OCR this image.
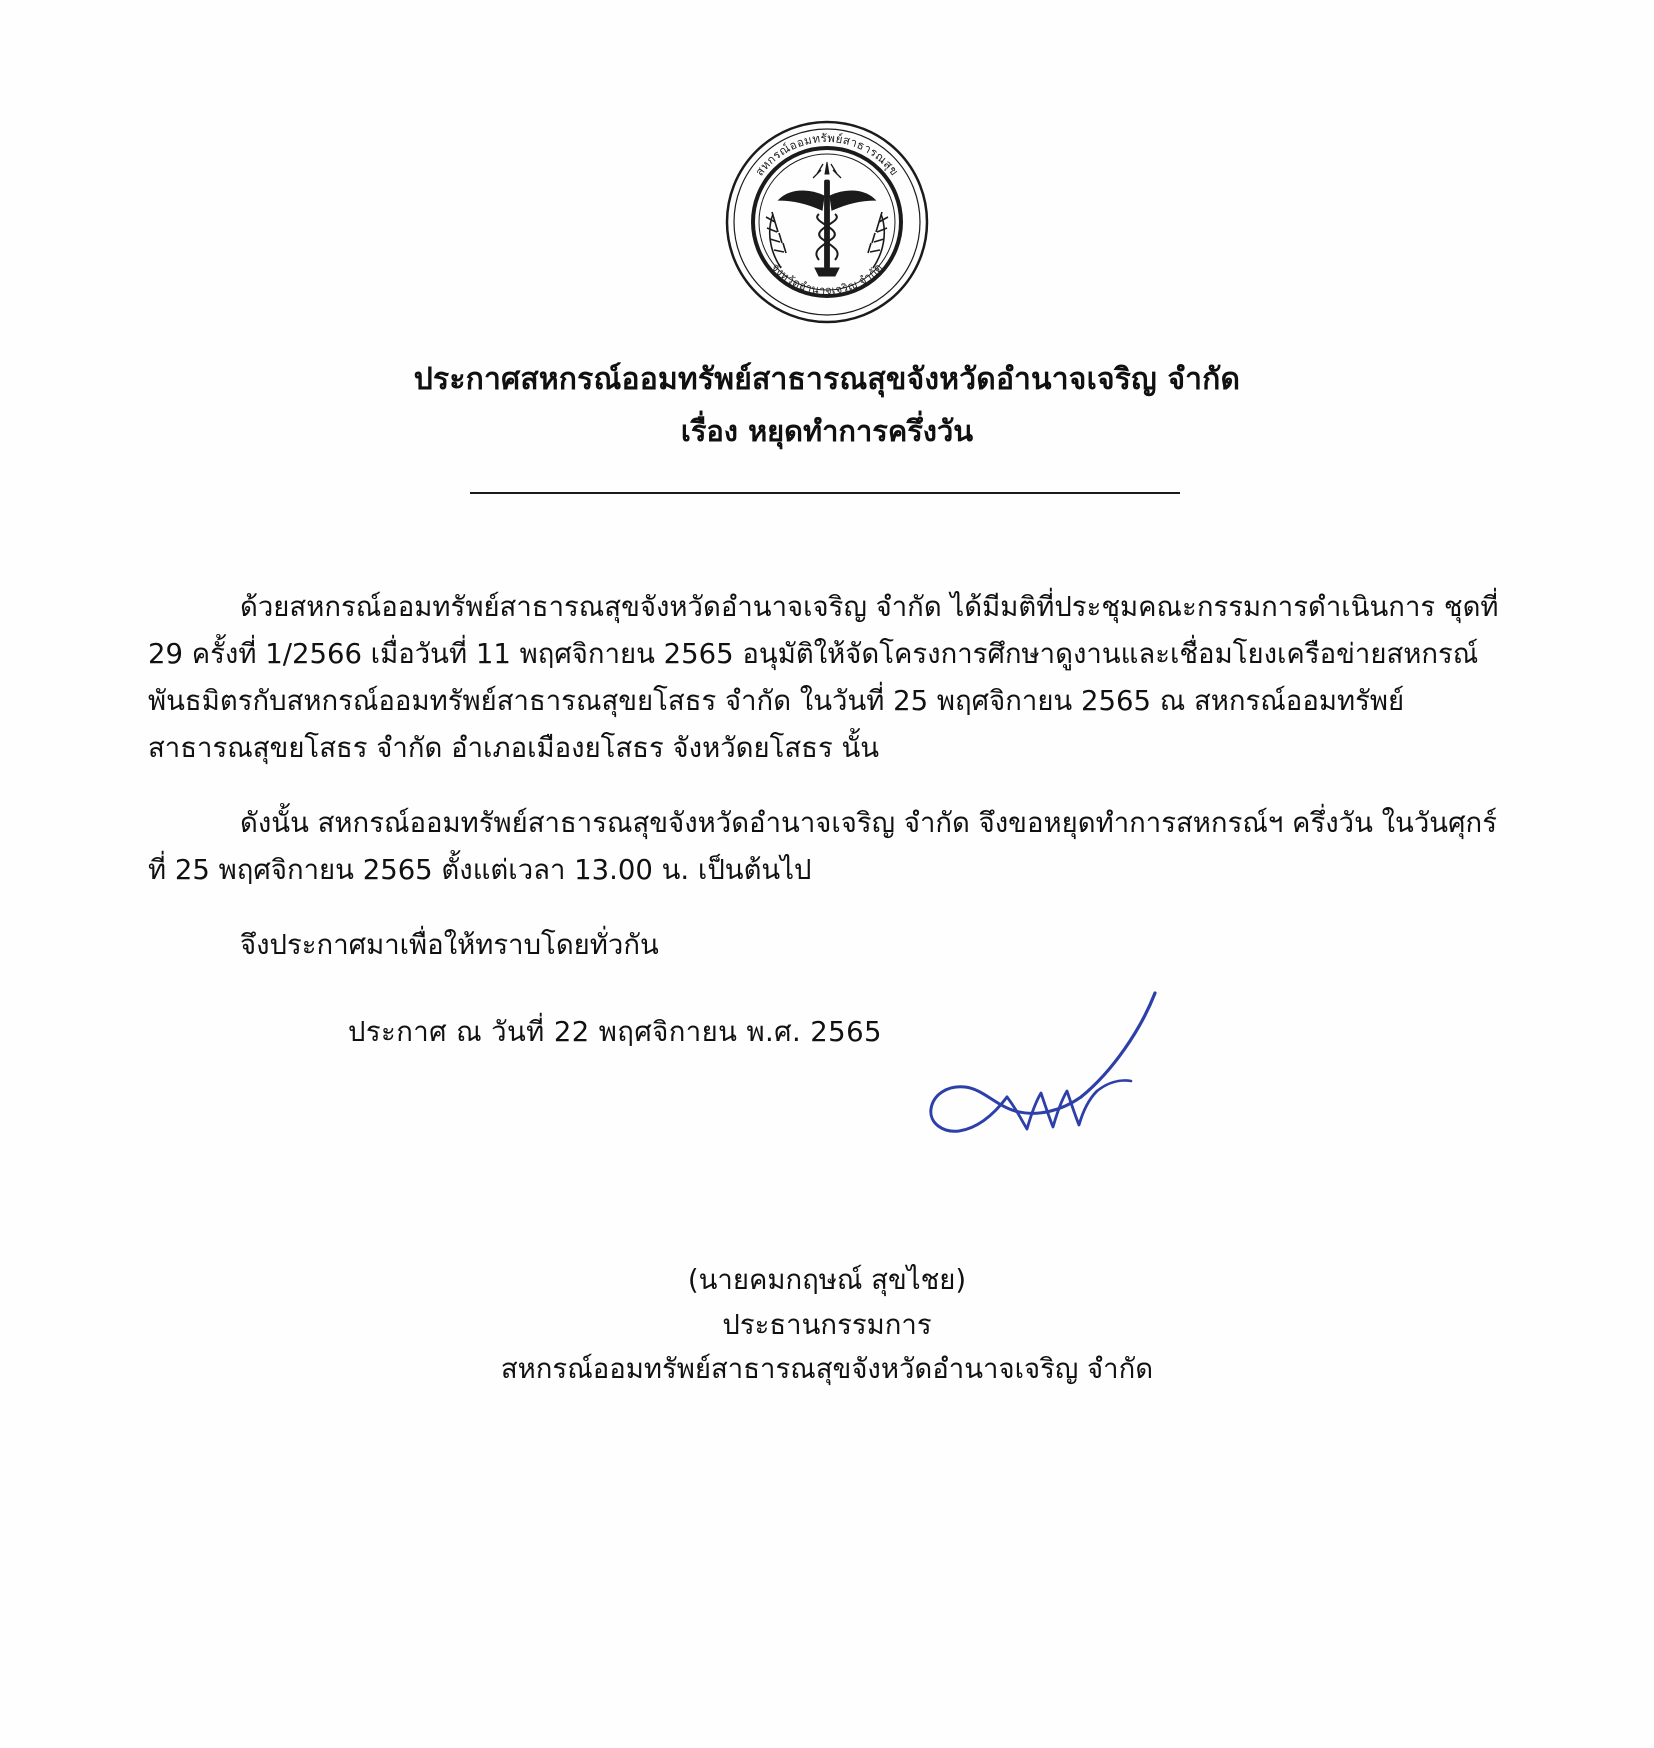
สหกรณ์ออมทรัพย์สาธารณสุข
จังหวัดอำนาจเจริญ จำกัด
ประกาศสหกรณ์ออมทรัพย์สาธารณสุขจังหวัดอำนาจเจริญ จำกัด
เรื่อง หยุดทำการครึ่งวัน

ด้วยสหกรณ์ออมทรัพย์สาธารณสุขจังหวัดอำนาจเจริญ จำกัด ได้มีมติที่ประชุมคณะกรรมการดำเนินการ ชุดที่ 29 ครั้งที่ 1/2566 เมื่อวันที่ 11 พฤศจิกายน 2565 อนุมัติให้จัดโครงการศึกษาดูงานและเชื่อมโยงเครือข่ายสหกรณ์พันธมิตรกับสหกรณ์ออมทรัพย์สาธารณสุขยโสธร จำกัด ในวันที่ 25 พฤศจิกายน 2565 ณ สหกรณ์ออมทรัพย์สาธารณสุขยโสธร จำกัด อำเภอเมืองยโสธร จังหวัดยโสธร นั้น

ดังนั้น สหกรณ์ออมทรัพย์สาธารณสุขจังหวัดอำนาจเจริญ จำกัด จึงขอหยุดทำการสหกรณ์ฯ ครึ่งวัน ในวันศุกร์ที่ 25 พฤศจิกายน 2565 ตั้งแต่เวลา 13.00 น. เป็นต้นไป

จึงประกาศมาเพื่อให้ทราบโดยทั่วกัน

ประกาศ ณ วันที่ 22 พฤศจิกายน พ.ศ. 2565
(นายคมกฤษณ์ สุขไชย)
ประธานกรรมการ
สหกรณ์ออมทรัพย์สาธารณสุขจังหวัดอำนาจเจริญ จำกัด
